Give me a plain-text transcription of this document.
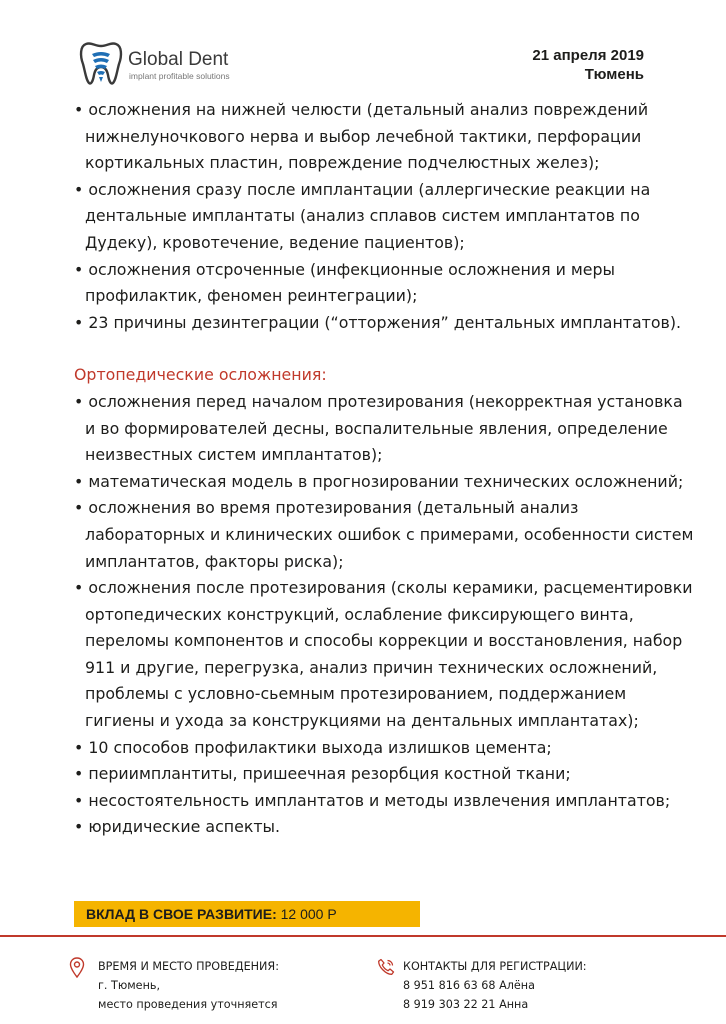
Global Dent
implant profitable solutions
21 апреля 2019
Тюмень
• осложнения на нижней челюсти (детальный анализ повреждений нижнелуночкового нерва и выбор лечебной тактики, перфорации кортикальных пластин, повреждение подчелюстных желез);
• осложнения сразу после имплантации (аллергические реакции на дентальные имплантаты (анализ сплавов систем имплантатов по Дудеку), кровотечение, ведение пациентов);
• осложнения отсроченные (инфекционные осложнения и меры профилактик, феномен реинтеграции);
• 23 причины дезинтеграции (“отторжения” дентальных имплантатов).
Ортопедические осложнения:
• осложнения перед началом протезирования (некорректная установка и во формирователей десны, воспалительные явления, определение неизвестных систем имплантатов);
• математическая модель в прогнозировании технических осложнений;
• осложнения во время протезирования (детальный анализ лабораторных и клинических ошибок с примерами, особенности систем имплантатов, факторы риска);
• осложнения после протезирования (сколы керамики, расцементировки ортопедических конструкций, ослабление фиксирующего винта, переломы компонентов и способы коррекции и восстановления, набор 911 и другие, перегрузка, анализ причин технических осложнений, проблемы с условно-сьемным протезированием, поддержанием гигиены и ухода за конструкциями на дентальных имплантатах);
• 10 способов профилактики выхода излишков цемента;
• периимплантиты, пришеечная резорбция костной ткани;
• несостоятельность имплантатов и методы извлечения имплантатов;
• юридические аспекты.
ВКЛАД В СВОЕ РАЗВИТИЕ: 12 000 Р
ВРЕМЯ И МЕСТО ПРОВЕДЕНИЯ:
г. Тюмень,
место проведения уточняется
КОНТАКТЫ ДЛЯ РЕГИСТРАЦИИ:
8 951 816 63 68 Алёна
8 919 303 22 21 Анна
